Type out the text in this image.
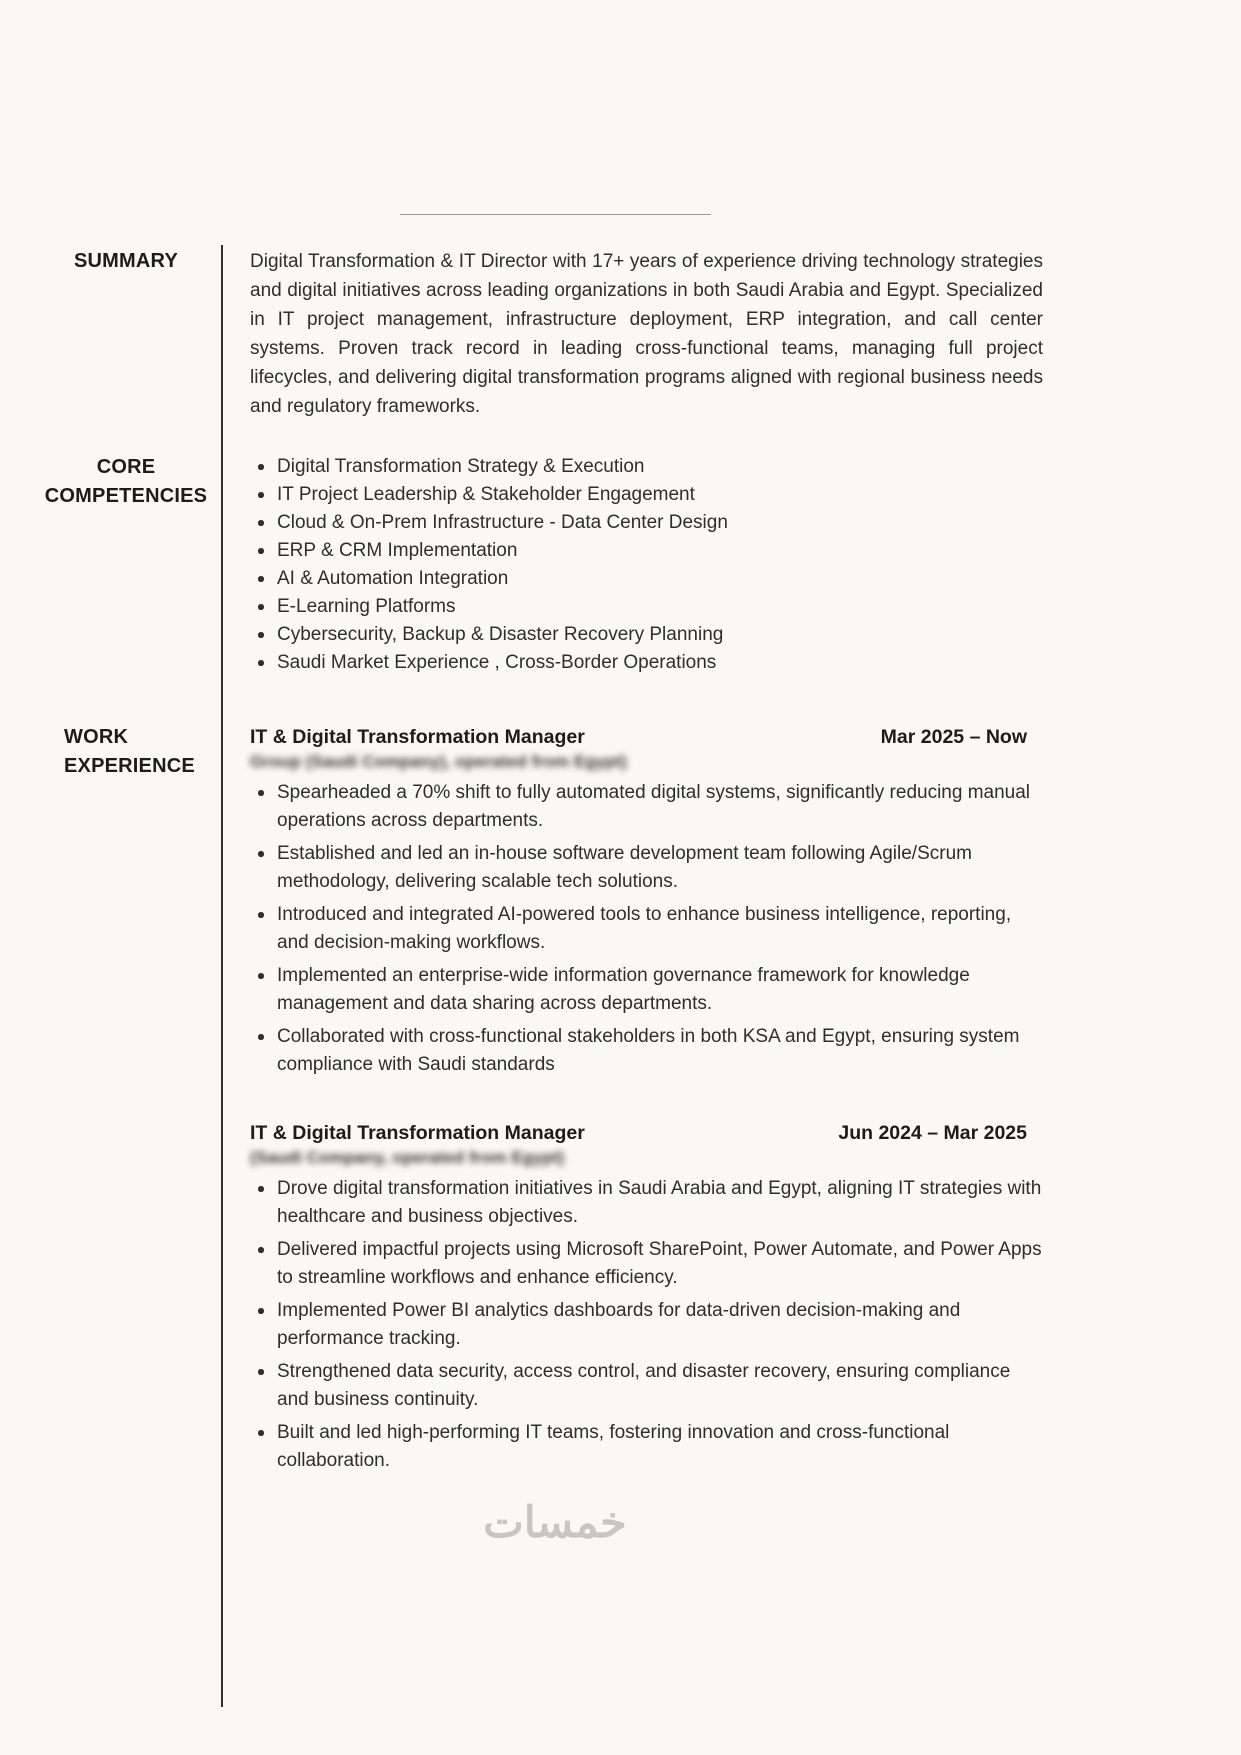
SUMMARY	Digital Transformation & IT Director with 17+ years of experience driving technology strategies and digital initiatives across leading organizations in both Saudi Arabia and Egypt. Specialized in IT project management, infrastructure deployment, ERP integration, and call center systems. Proven track record in leading cross-functional teams, managing full project lifecycles, and delivering digital transformation programs aligned with regional business needs and regulatory frameworks.

CORE COMPETENCIES
Digital Transformation Strategy & Execution
IT Project Leadership & Stakeholder Engagement
Cloud & On-Prem Infrastructure - Data Center Design
ERP & CRM Implementation
AI & Automation Integration
E-Learning Platforms
Cybersecurity, Backup & Disaster Recovery Planning
Saudi Market Experience , Cross-Border Operations
WORK EXPERIENCE
IT & Digital Transformation Manager	Mar 2025 – Now
Group (Saudi Company), operated from Egypt)
Spearheaded a 70% shift to fully automated digital systems, significantly reducing manual operations across departments.
Established and led an in-house software development team following Agile/Scrum methodology, delivering scalable tech solutions.
Introduced and integrated AI-powered tools to enhance business intelligence, reporting, and decision-making workflows.
Implemented an enterprise-wide information governance framework for knowledge management and data sharing across departments.
Collaborated with cross-functional stakeholders in both KSA and Egypt, ensuring system compliance with Saudi standards
IT & Digital Transformation Manager	Jun 2024 – Mar 2025
(Saudi Company, operated from Egypt)
Drove digital transformation initiatives in Saudi Arabia and Egypt, aligning IT strategies with healthcare and business objectives.
Delivered impactful projects using Microsoft SharePoint, Power Automate, and Power Apps to streamline workflows and enhance efficiency.
Implemented Power BI analytics dashboards for data-driven decision-making and performance tracking.
Strengthened data security, access control, and disaster recovery, ensuring compliance and business continuity.
Built and led high-performing IT teams, fostering innovation and cross-functional collaboration.
خمسات
